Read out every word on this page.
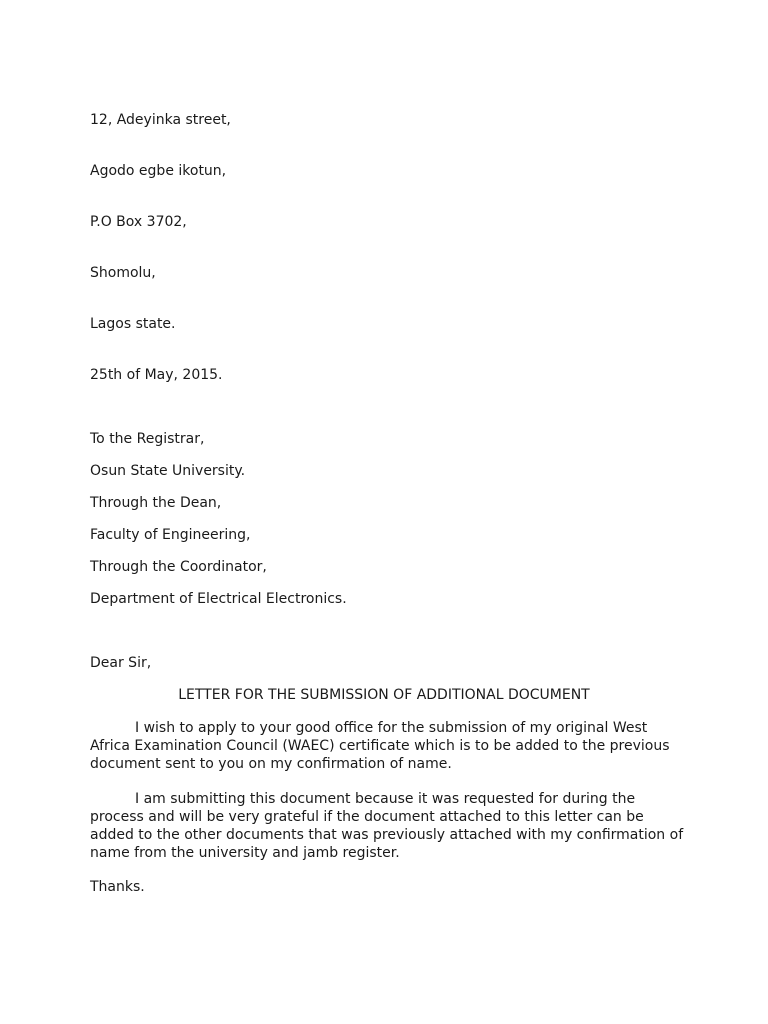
12, Adeyinka street,
Agodo egbe ikotun,
P.O Box 3702,
Shomolu,
Lagos state.
25th of May, 2015.
To the Registrar,
Osun State University.
Through the Dean,
Faculty of Engineering,
Through the Coordinator,
Department of Electrical Electronics.
Dear Sir,
LETTER FOR THE SUBMISSION OF ADDITIONAL DOCUMENT
I wish to apply to your good office for the submission of my original West
Africa Examination Council (WAEC) certificate which is to be added to the previous
document sent to you on my confirmation of name.
I am submitting this document because it was requested for during the
process and will be very grateful if the document attached to this letter can be
added to the other documents that was previously attached with my confirmation of
name from the university and jamb register.
Thanks.
